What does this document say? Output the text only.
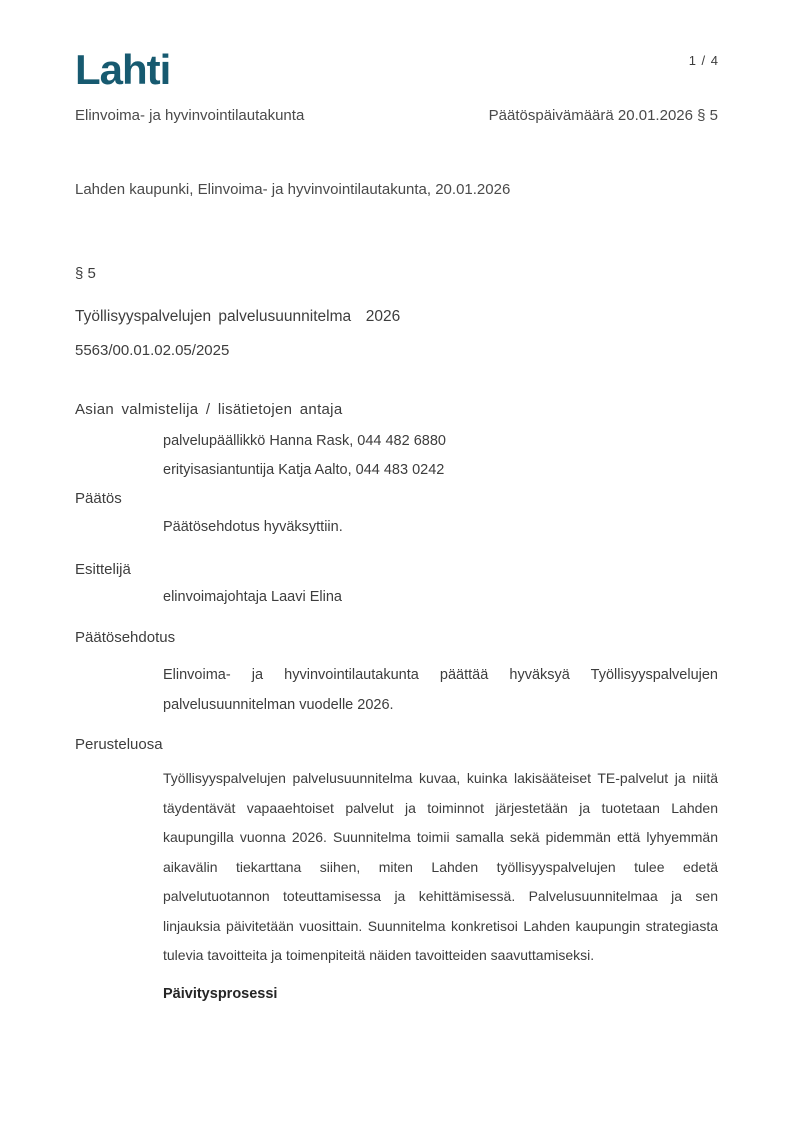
Lahti	1 / 4
Elinvoima- ja hyvinvointilautakunta	Päätöspäivämäärä 20.01.2026 § 5
Lahden kaupunki, Elinvoima- ja hyvinvointilautakunta, 20.01.2026
§ 5
Työllisyyspalvelujen palvelusuunnitelma  2026
5563/00.01.02.05/2025
Asian valmistelija / lisätietojen antaja
palvelupäällikkö Hanna Rask, 044 482 6880
erityisasiantuntija Katja Aalto, 044 483 0242
Päätös
Päätösehdotus hyväksyttiin.
Esittelijä
elinvoimajohtaja Laavi Elina
Päätösehdotus
Elinvoima- ja hyvinvointilautakunta päättää hyväksyä Työllisyyspalvelujen palvelusuunnitelman vuodelle 2026.
Perusteluosa
Työllisyyspalvelujen palvelusuunnitelma kuvaa, kuinka lakisääteiset TE-palvelut ja niitä täydentävät vapaaehtoiset palvelut ja toiminnot järjestetään ja tuotetaan Lahden kaupungilla vuonna 2026. Suunnitelma toimii samalla sekä pidemmän että lyhyemmän aikavälin tiekarttana siihen, miten Lahden työllisyyspalvelujen tulee edetä palvelutuotannon toteuttamisessa ja kehittämisessä. Palvelusuunnitelmaa ja sen linjauksia päivitetään vuosittain. Suunnitelma konkretisoi Lahden kaupungin strategiasta tulevia tavoitteita ja toimenpiteitä näiden tavoitteiden saavuttamiseksi.
Päivitysprosessi
